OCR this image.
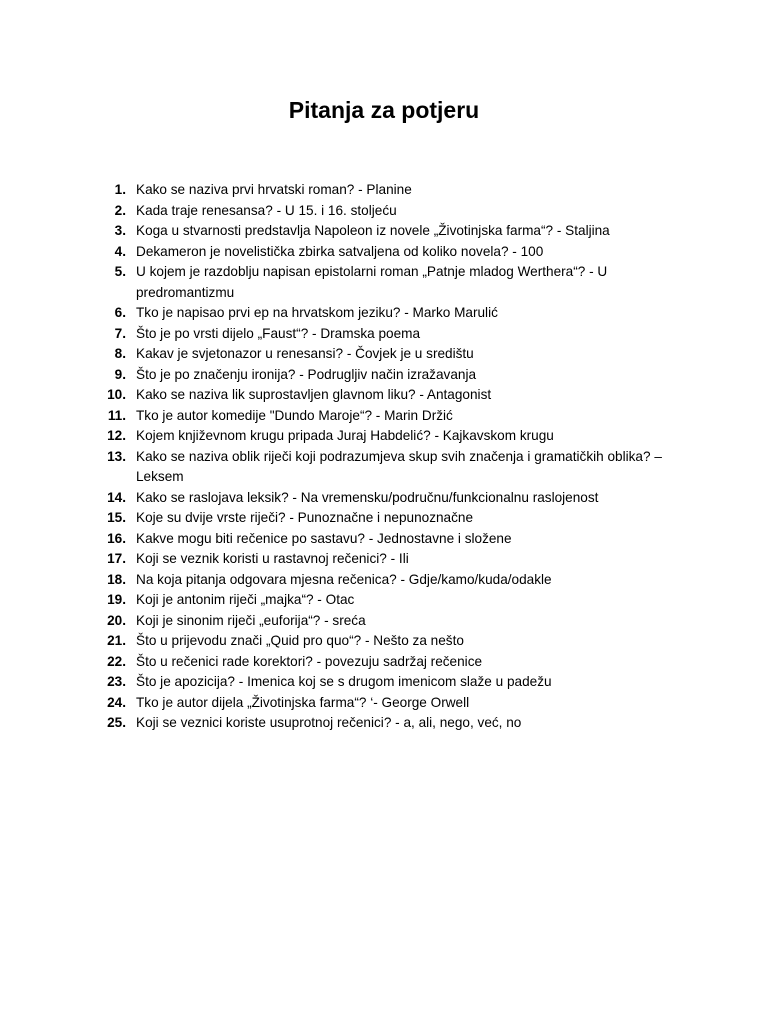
Pitanja za potjeru
1. Kako se naziva prvi hrvatski roman? - Planine
2. Kada traje renesansa? - U 15. i 16. stoljeću
3. Koga u stvarnosti predstavlja Napoleon iz novele „Životinjska farma“? - Staljina
4. Dekameron je novelistička zbirka satvaljena od koliko novela? - 100
5. U kojem je razdoblju napisan epistolarni roman „Patnje mladog Werthera“? - U predromantizmu
6. Tko je napisao prvi ep na hrvatskom jeziku? - Marko Marulić
7. Što je po vrsti dijelo „Faust“? - Dramska poema
8. Kakav je svjetonazor u renesansi? - Čovjek je u središtu
9. Što je po značenju ironija? - Podrugljiv način izražavanja
10. Kako se naziva lik suprostavljen glavnom liku? - Antagonist
11. Tko je autor komedije "Dundo Maroje“? - Marin Držić
12. Kojem književnom krugu pripada Juraj Habdelić? - Kajkavskom krugu
13. Kako se naziva oblik riječi koji podrazumjeva skup svih značenja i gramatičkih oblika? – Leksem
14. Kako se raslojava leksik? - Na vremensku/područnu/funkcionalnu raslojenost
15. Koje su dvije vrste riječi? - Punoznačne i nepunoznačne
16. Kakve mogu biti rečenice po sastavu? - Jednostavne i složene
17. Koji se veznik koristi u rastavnoj rečenici? - Ili
18. Na koja pitanja odgovara mjesna rečenica? - Gdje/kamo/kuda/odakle
19. Koji je antonim riječi „majka“? - Otac
20. Koji je sinonim riječi „euforija“? - sreća
21. Što u prijevodu znači „Quid pro quo“? - Nešto za nešto
22. Što u rečenici rade korektori? - povezuju sadržaj rečenice
23. Što je apozicija? - Imenica koj se s drugom imenicom slaže u padežu
24. Tko je autor dijela „Životinjska farma“? ‘- George Orwell
25. Koji se veznici koriste usuprotnoj rečenici? - a, ali, nego, već, no
